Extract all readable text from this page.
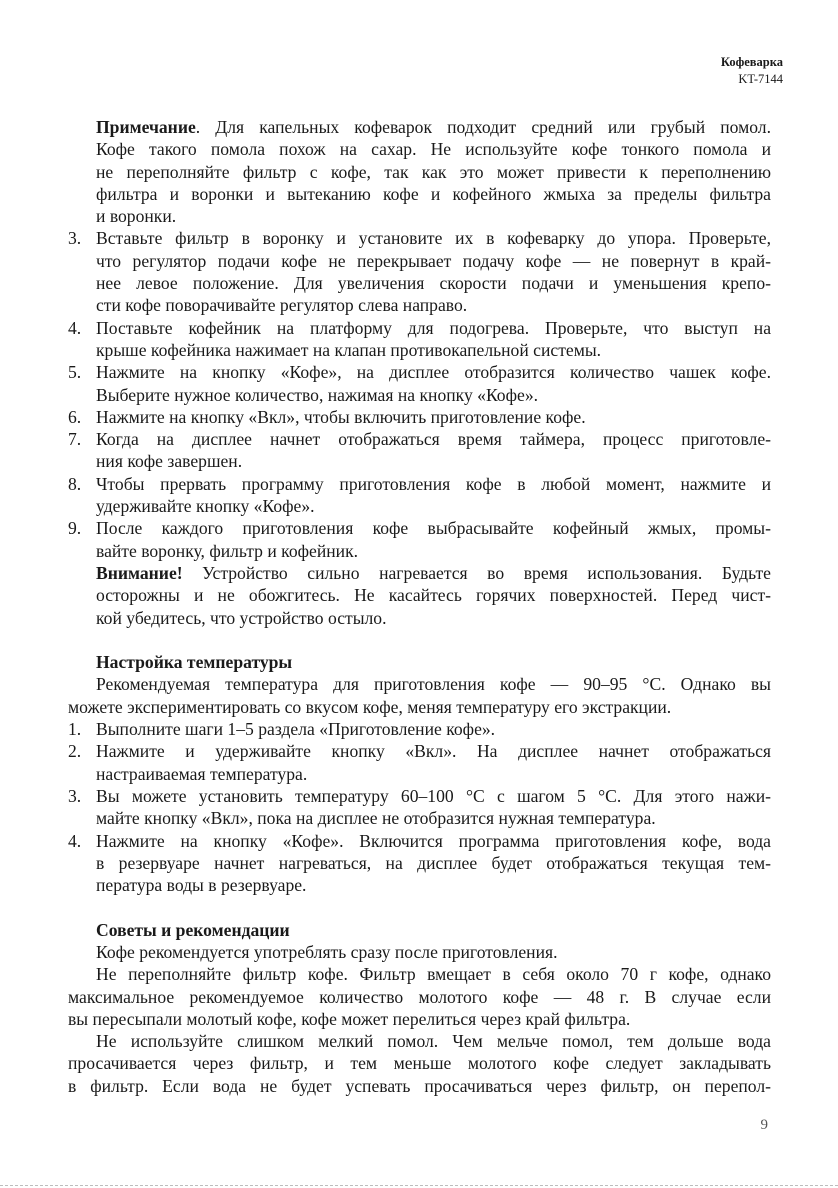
Кофеварка
KT-7144

Примечание. Для капельных кофеварок подходит средний или грубый помол.

Кофе такого помола похож на сахар. Не используйте кофе тонкого помола и

не переполняйте фильтр с кофе, так как это может привести к переполнению

фильтра и воронки и вытеканию кофе и кофейного жмыха за пределы фильтра

и воронки.

3. Вставьте фильтр в воронку и установите их в кофеварку до упора. Проверьте,

что регулятор подачи кофе не перекрывает подачу кофе — не повернут в край-

нее левое положение. Для увеличения скорости подачи и уменьшения крепо-

сти кофе поворачивайте регулятор слева направо.

4. Поставьте кофейник на платформу для подогрева. Проверьте, что выступ на

крыше кофейника нажимает на клапан противокапельной системы.

5. Нажмите на кнопку «Кофе», на дисплее отобразится количество чашек кофе.

Выберите нужное количество, нажимая на кнопку «Кофе».

6. Нажмите на кнопку «Вкл», чтобы включить приготовление кофе.

7. Когда на дисплее начнет отображаться время таймера, процесс приготовле-

ния кофе завершен.

8. Чтобы прервать программу приготовления кофе в любой момент, нажмите и

удерживайте кнопку «Кофе».

9. После каждого приготовления кофе выбрасывайте кофейный жмых, промы-

вайте воронку, фильтр и кофейник.

Внимание! Устройство сильно нагревается во время использования. Будьте

осторожны и не обожгитесь. Не касайтесь горячих поверхностей. Перед чист-

кой убедитесь, что устройство остыло.

Настройка температуры

Рекомендуемая температура для приготовления кофе — 90–95 °С. Однако вы

можете экспериментировать со вкусом кофе, меняя температуру его экстракции.

1. Выполните шаги 1–5 раздела «Приготовление кофе».

2. Нажмите и удерживайте кнопку «Вкл». На дисплее начнет отображаться

настраиваемая температура.

3. Вы можете установить температуру 60–100 °С с шагом 5 °С. Для этого нажи-

майте кнопку «Вкл», пока на дисплее не отобразится нужная температура.

4. Нажмите на кнопку «Кофе». Включится программа приготовления кофе, вода

в резервуаре начнет нагреваться, на дисплее будет отображаться текущая тем-

пература воды в резервуаре.

Советы и рекомендации

Кофе рекомендуется употреблять сразу после приготовления.

Не переполняйте фильтр кофе. Фильтр вмещает в себя около 70 г кофе, однако

максимальное рекомендуемое количество молотого кофе — 48 г. В случае если

вы пересыпали молотый кофе, кофе может перелиться через край фильтра.

Не используйте слишком мелкий помол. Чем мельче помол, тем дольше вода

просачивается через фильтр, и тем меньше молотого кофе следует закладывать

в фильтр. Если вода не будет успевать просачиваться через фильтр, он перепол-

9
